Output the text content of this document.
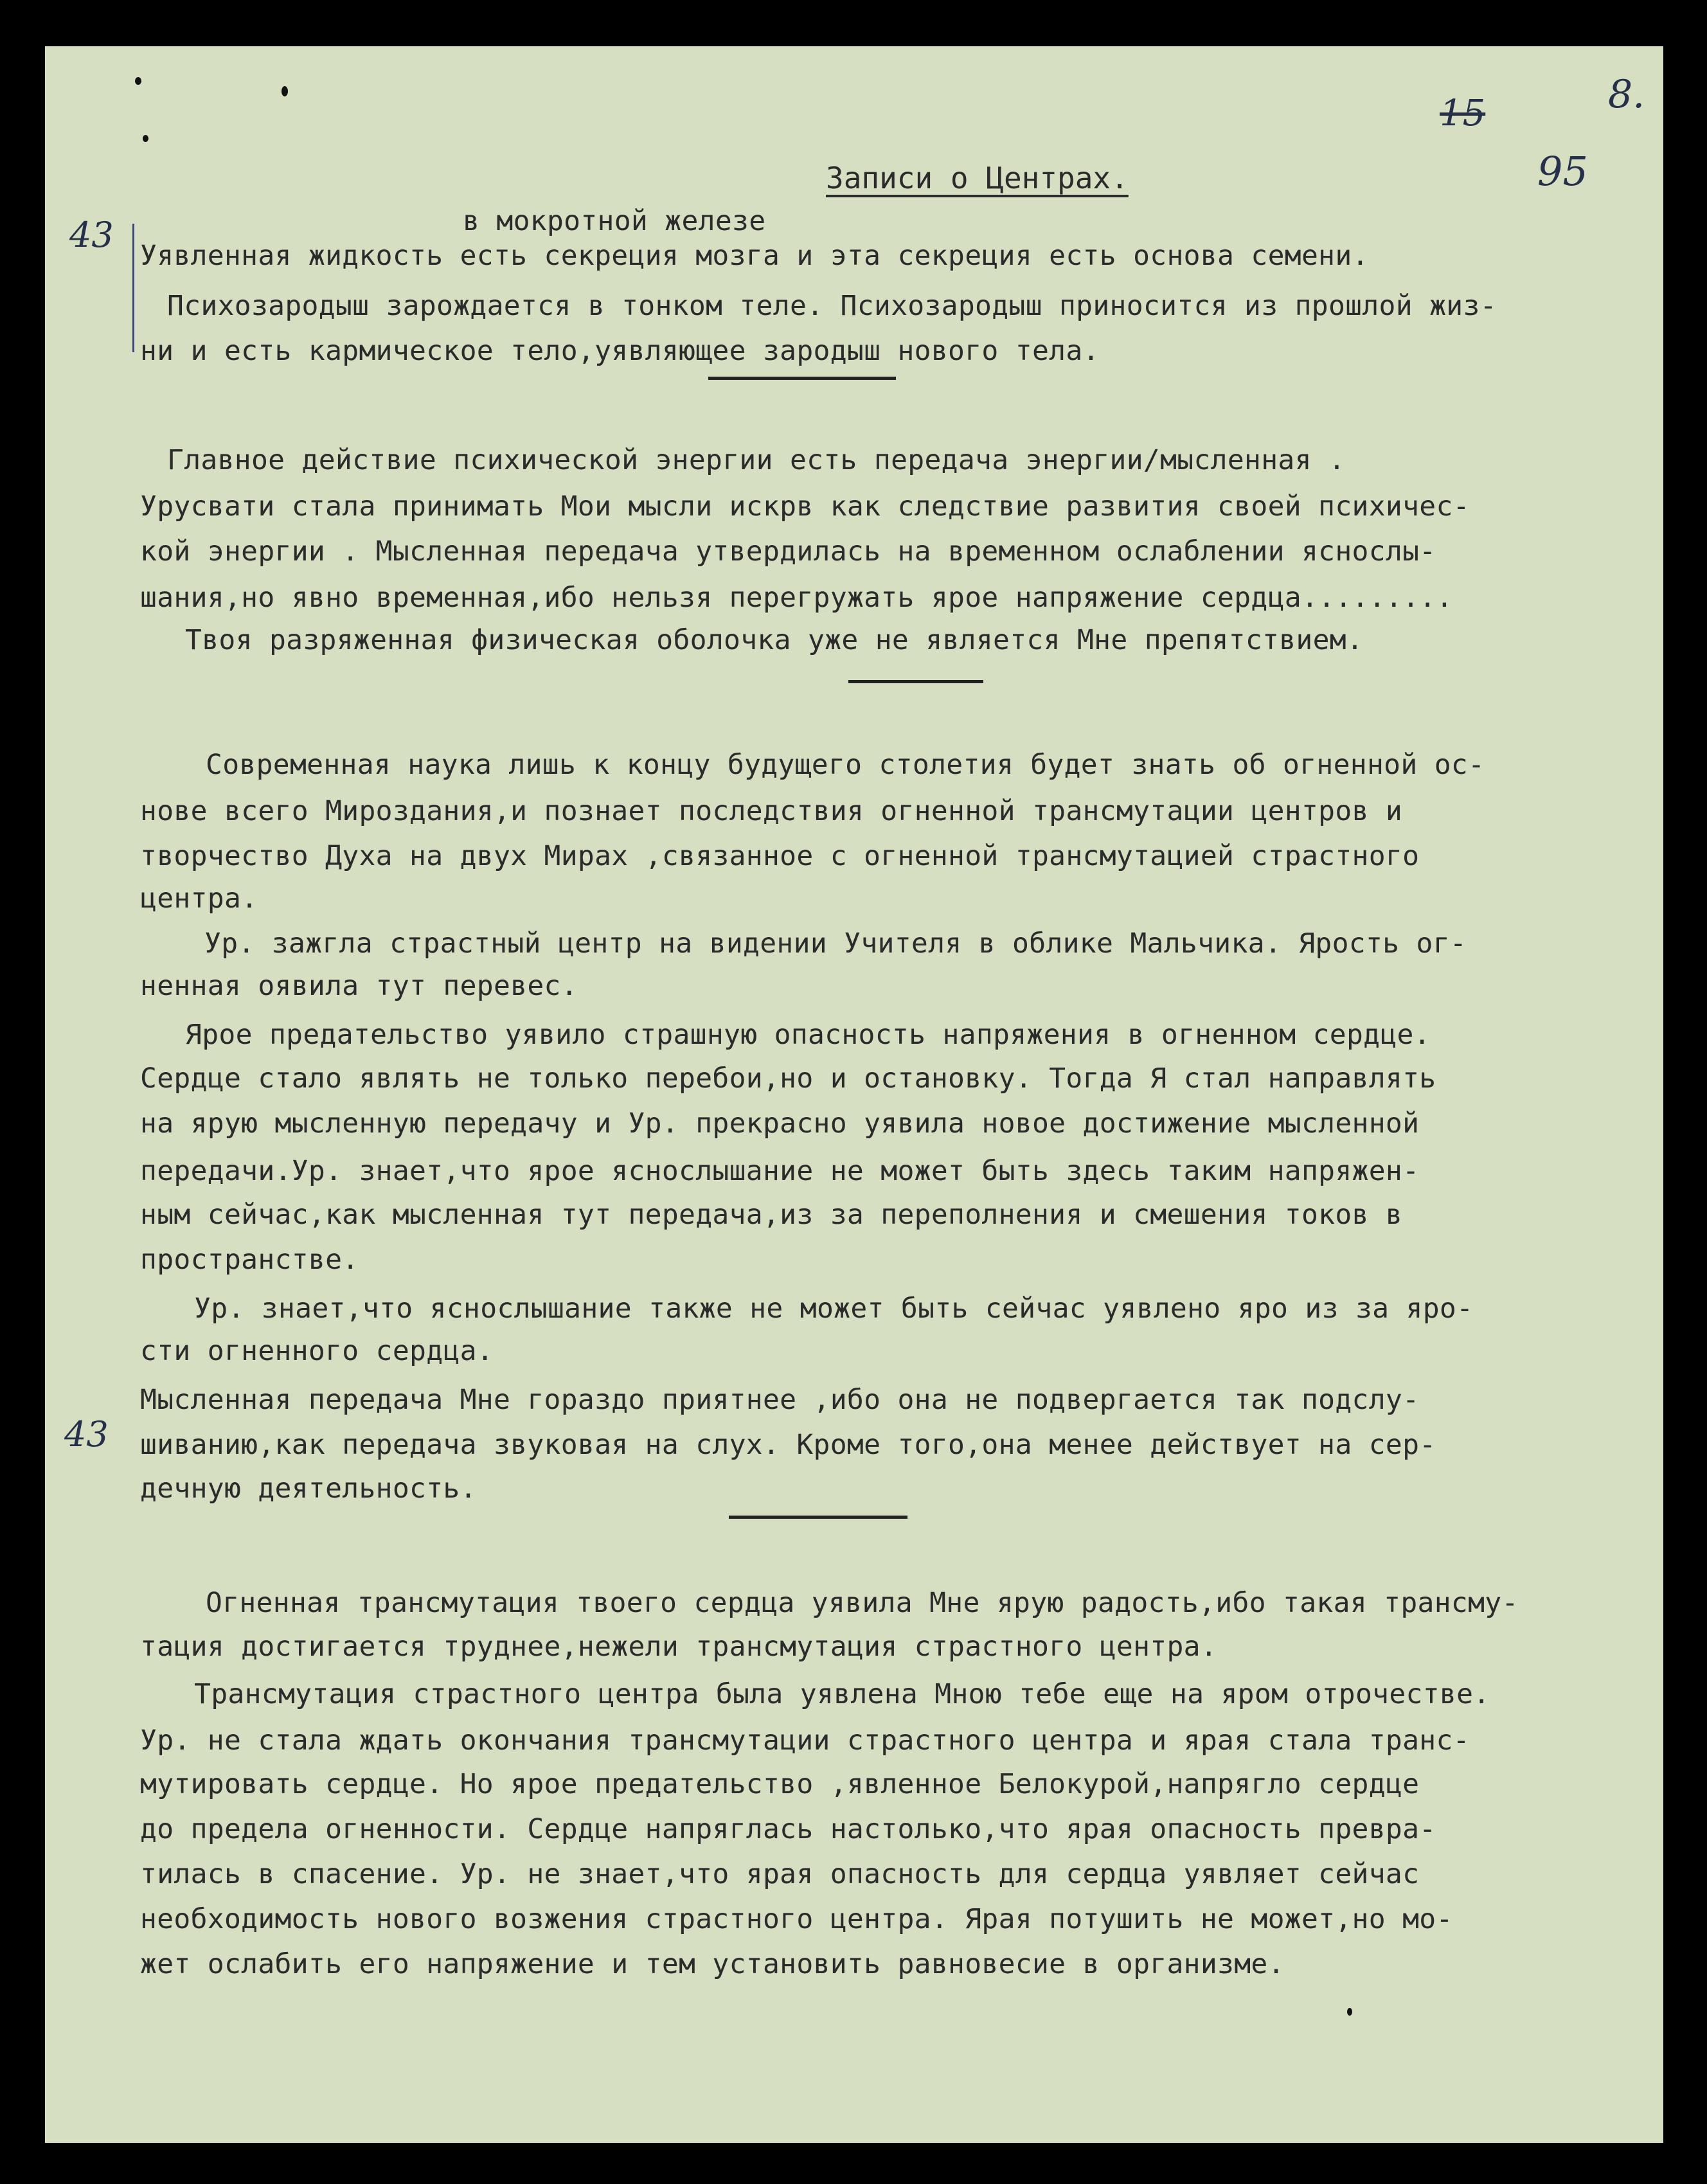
8.
95
15
43
43
Записи о Центрах.
в мокротной железе
Уявленная жидкость есть секреция мозга и эта секреция есть основа семени.
Психозародыш зарождается в тонком теле. Психозародыш приносится из прошлой жиз-
ни и есть кармическое тело,уявляющее зародыш нового тела.
Главное действие психической энергии есть передача энергии/мысленная .
Урусвати стала принимать Мои мысли искрв как следствие развития своей психичес-
кой энергии . Мысленная передача утвердилась на временном ослаблении яснослы-
шания,но явно временная,ибо нельзя перегружать ярое напряжение сердца.........
Твоя разряженная физическая оболочка уже не является Мне препятствием.
Современная наука лишь к концу будущего столетия будет знать об огненной ос-
нове всего Мироздания,и познает последствия огненной трансмутации центров и
творчество Духа на двух Мирах ,связанное с огненной трансмутацией страстного
центра.
Ур. зажгла страстный центр на видении Учителя в облике Мальчика. Ярость ог-
ненная оявила тут перевес.
Ярое предательство уявило страшную опасность напряжения в огненном сердце.
Сердце стало являть не только перебои,но и остановку. Тогда Я стал направлять
на ярую мысленную передачу и Ур. прекрасно уявила новое достижение мысленной
передачи.Ур. знает,что ярое яснослышание не может быть здесь таким напряжен-
ным сейчас,как мысленная тут передача,из за переполнения и смешения токов в
пространстве.
Ур. знает,что яснослышание также не может быть сейчас уявлено яро из за яро-
сти огненного сердца.
Мысленная передача Мне гораздо приятнее ,ибо она не подвергается так подслу-
шиванию,как передача звуковая на слух. Кроме того,она менее действует на сер-
дечную деятельность.
Огненная трансмутация твоего сердца уявила Мне ярую радость,ибо такая трансму-
тация достигается труднее,нежели трансмутация страстного центра.
Трансмутация страстного центра была уявлена Мною тебе еще на яром отрочестве.
Ур. не стала ждать окончания трансмутации страстного центра и ярая стала транс-
мутировать сердце. Но ярое предательство ,явленное Белокурой,напрягло сердце
до предела огненности. Сердце напряглась настолько,что ярая опасность превра-
тилась в спасение. Ур. не знает,что ярая опасность для сердца уявляет сейчас
необходимость нового возжения страстного центра. Ярая потушить не может,но мо-
жет ослабить его напряжение и тем установить равновесие в организме.
